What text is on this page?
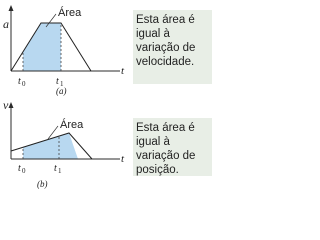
a
t
Área
t 0	t 1
(a)
Esta área é
igual à
variação de
velocidade.
v
t
Área
t 0	t 1
(b)
Esta área é
igual à
variação de
posição.
